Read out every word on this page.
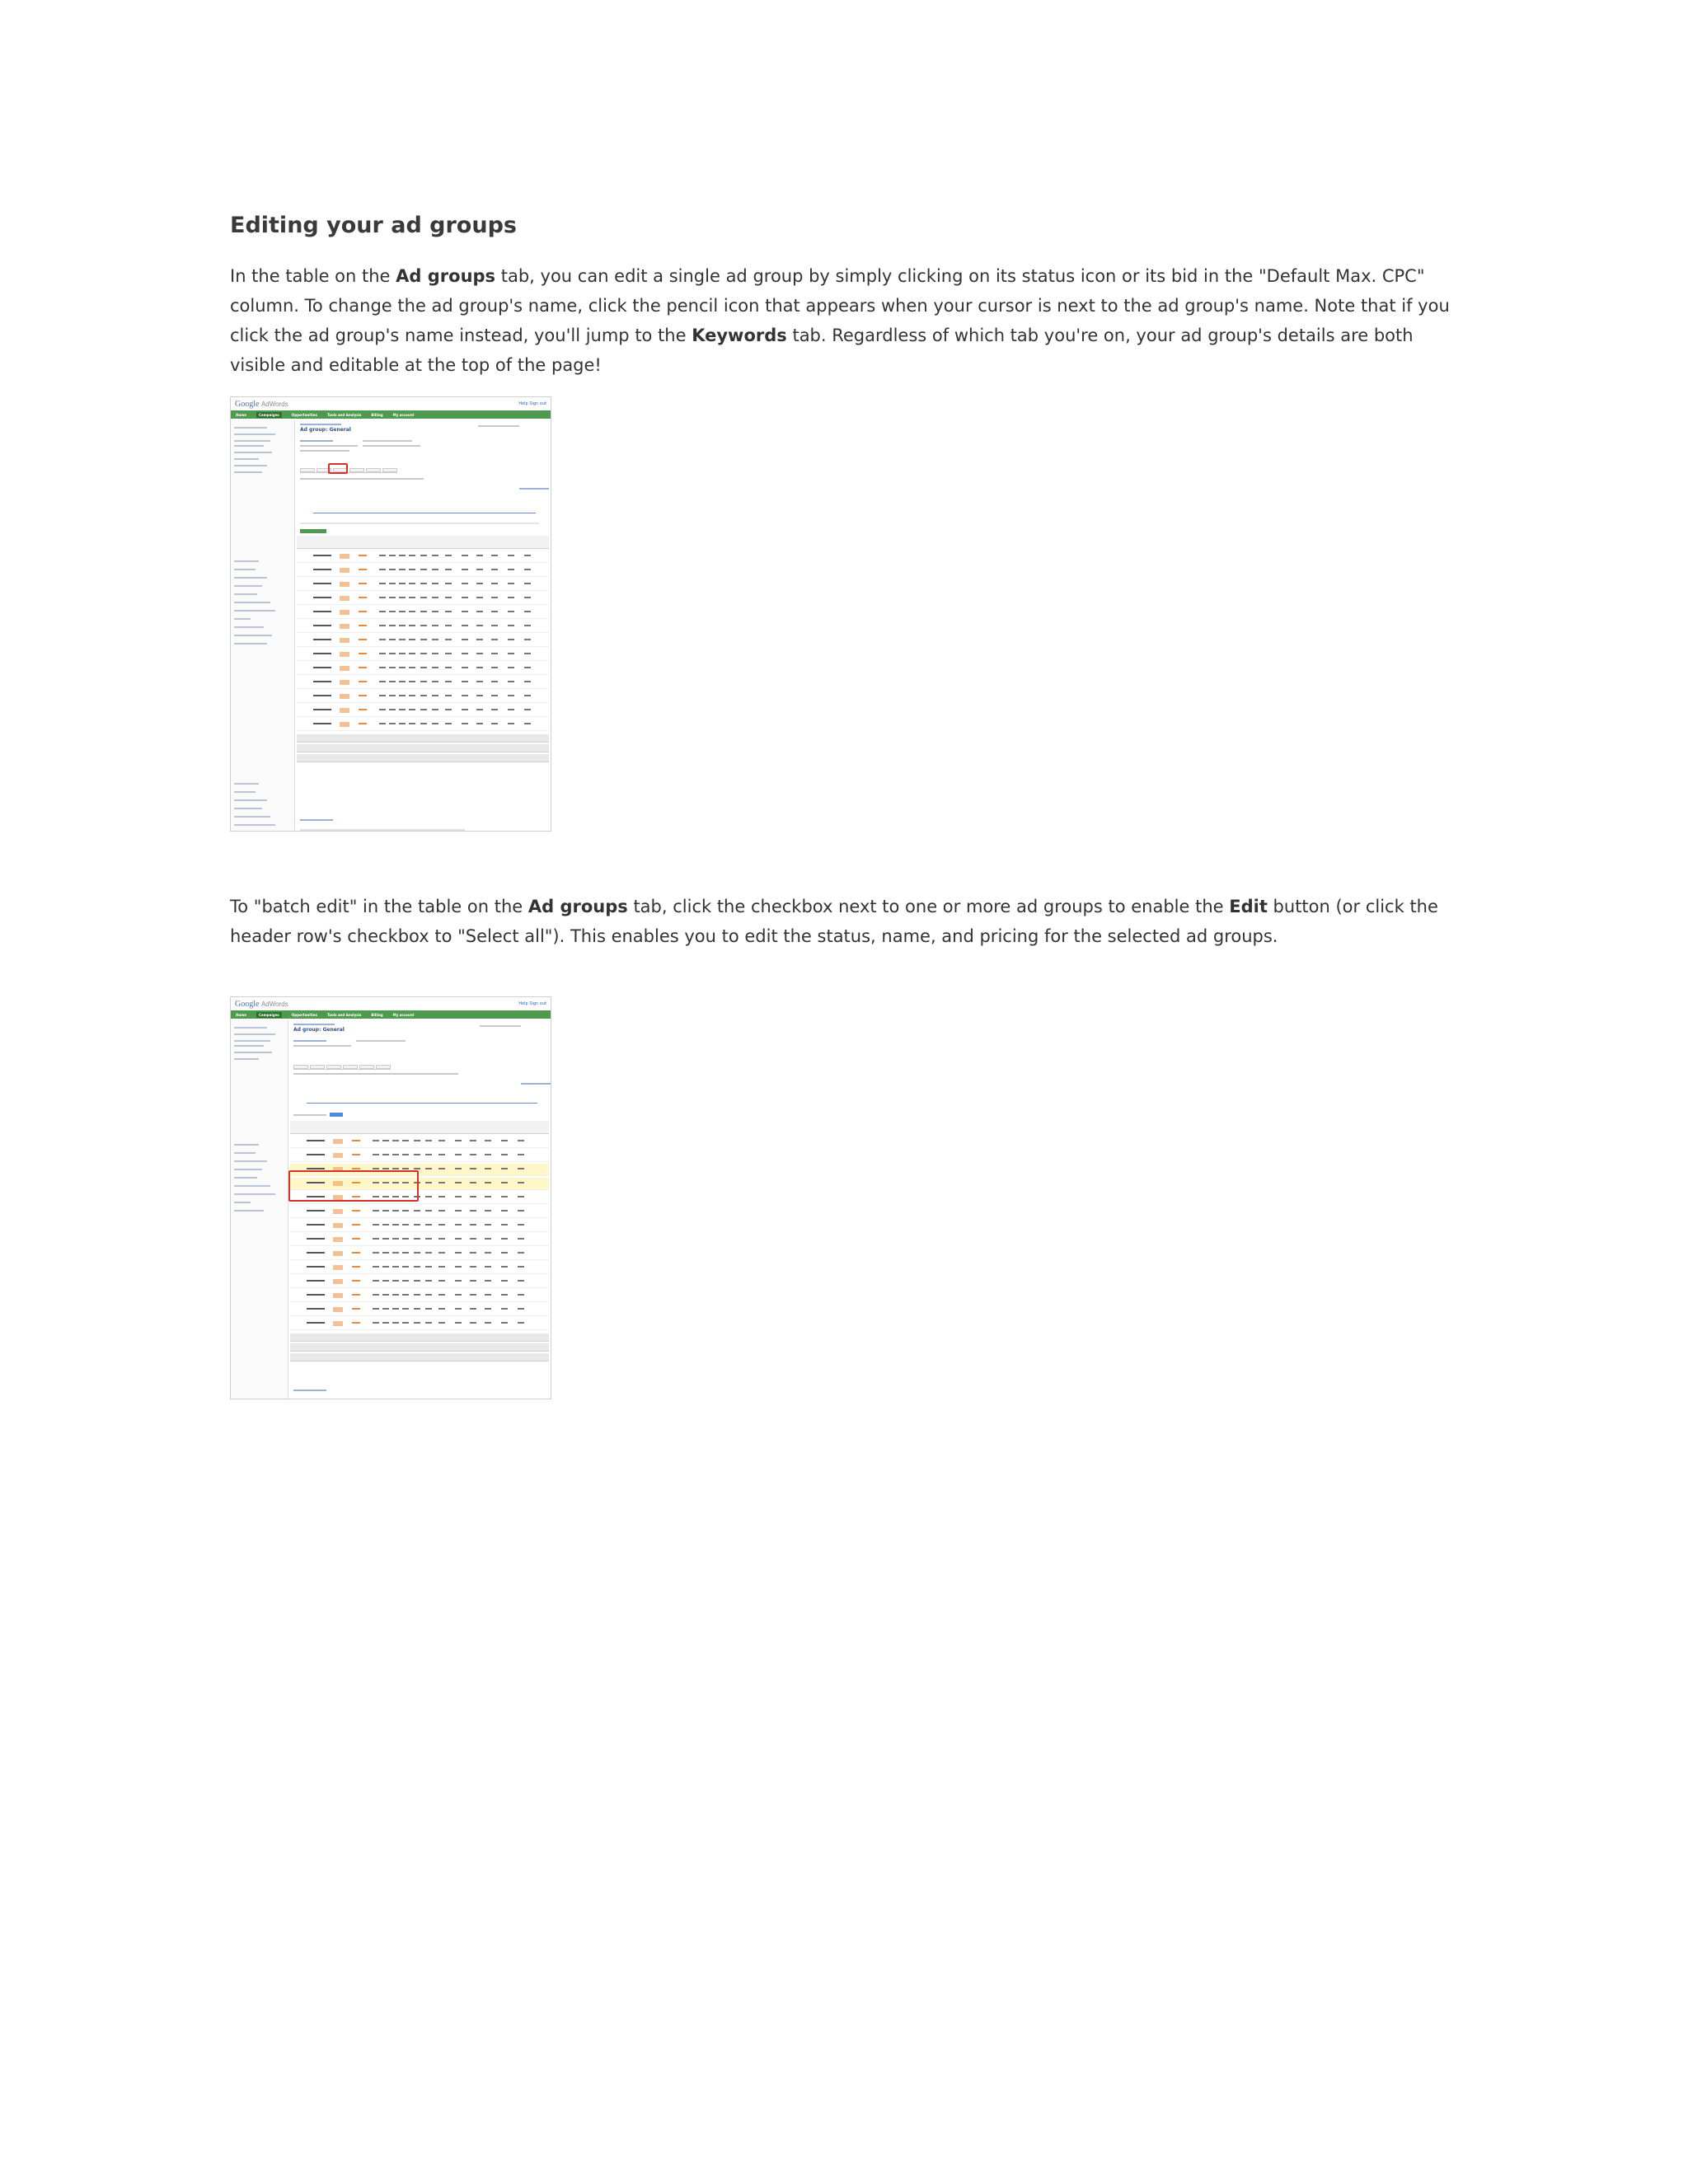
Editing your ad groups

In the table on the Ad groups tab, you can edit a single ad group by simply clicking on its status icon or its bid in the "Default Max. CPC" column. To change the ad group's name, click the pencil icon that appears when your cursor is next to the ad group's name. Note that if you click the ad group's name instead, you'll jump to the Keywords tab. Regardless of which tab you're on, your ad group's details are both visible and editable at the top of the page!

Google AdWords	Help Sign out
Home	Campaigns	Opportunities	Tools and Analysis	Billing	My account
Ad group: General

To "batch edit" in the table on the Ad groups tab, click the checkbox next to one or more ad groups to enable the Edit button (or click the header row's checkbox to "Select all"). This enables you to edit the status, name, and pricing for the selected ad groups.

Google AdWords	Help Sign out
Home	Campaigns	Opportunities	Tools and Analysis	Billing	My account
Ad group: General
